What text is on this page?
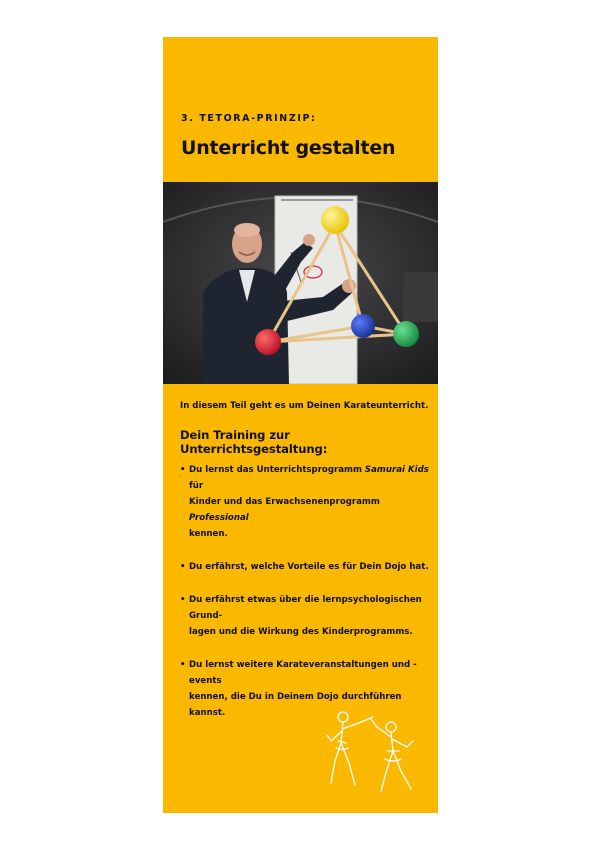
3. TETORA-PRINZIP:
Unterricht gestalten
In diesem Teil geht es um Deinen Karateunterricht.
Dein Training zur Unterrichtsgestaltung:
• Du lernst das Unterrichtsprogramm Samurai Kids für
Kinder und das Erwachsenenprogramm Professional
kennen.
• Du erfährst, welche Vorteile es für Dein Dojo hat.
• Du erfährst etwas über die lernpsychologischen Grund-
lagen und die Wirkung des Kinderprogramms.
• Du lernst weitere Karateveranstaltungen und -events
kennen, die Du in Deinem Dojo durchführen kannst.
